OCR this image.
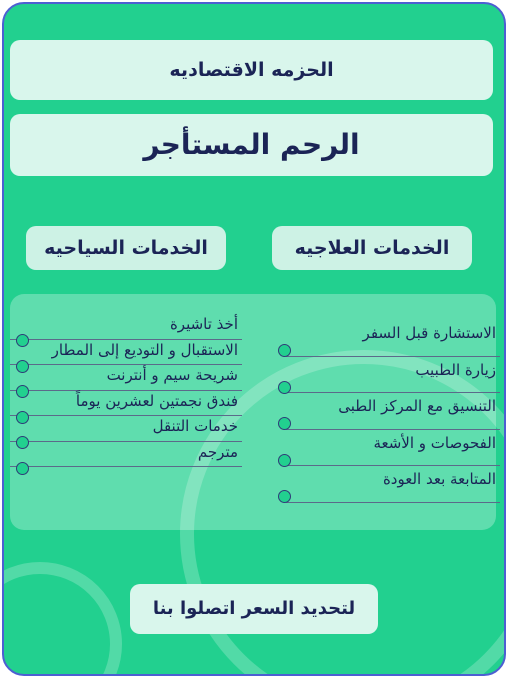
الحزمه الاقتصاديه
الرحم المستأجر
الخدمات السياحيه	الخدمات العلاجيه
الاستشارة قبل السفر
زيارة الطبيب
التنسيق مع المركز الطبى
الفحوصات و الأشعة
المتابعة بعد العودة
أخذ تاشيرة
الاستقبال و التوديع إلى المطار
شريحة سيم و أنترنت
فندق نجمتين لعشرين يوماً
خدمات التنقل
مترجم
لتحديد السعر اتصلوا بنا
